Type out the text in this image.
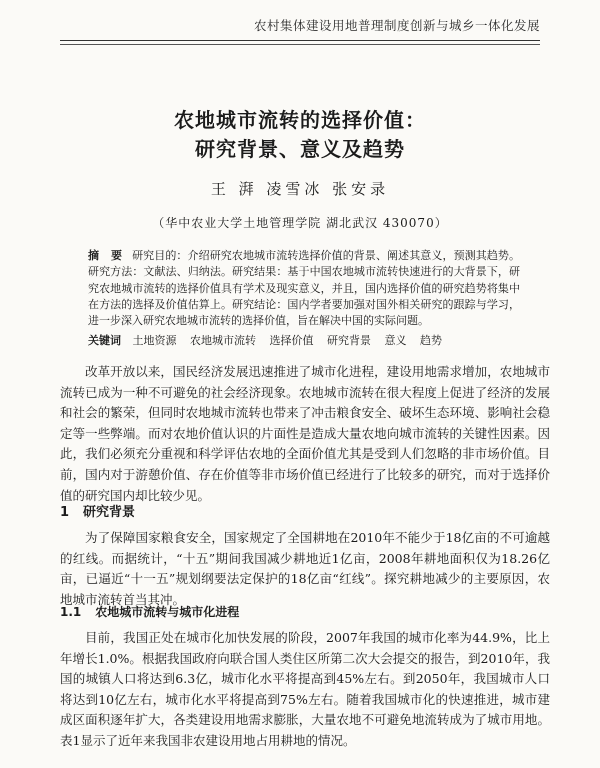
农村集体建设用地普理制度创新与城乡一体化发展
农地城市流转的选择价值：
研究背景、意义及趋势
王 湃 凌雪冰 张安录
（华中农业大学土地管理学院 湖北武汉 430070）
摘 要 研究目的：介绍研究农地城市流转选择价值的背景、阐述其意义，预测其趋势。研究方法：文献法、归纳法。研究结果：基于中国农地城市流转快速进行的大背景下，研究农地城市流转的选择价值具有学术及现实意义，并且，国内选择价值的研究趋势将集中在方法的选择及价值估算上。研究结论：国内学者要加强对国外相关研究的跟踪与学习，进一步深入研究农地城市流转的选择价值，旨在解决中国的实际问题。
关键词 土地资源 农地城市流转 选择价值 研究背景 意义 趋势
改革开放以来，国民经济发展迅速推进了城市化进程，建设用地需求增加，农地城市流转已成为一种不可避免的社会经济现象。农地城市流转在很大程度上促进了经济的发展和社会的繁荣，但同时农地城市流转也带来了冲击粮食安全、破坏生态环境、影响社会稳定等一些弊端。而对农地价值认识的片面性是造成大量农地向城市流转的关键性因素。因此，我们必须充分重视和科学评估农地的全面价值尤其是受到人们忽略的非市场价值。目前，国内对于游憩价值、存在价值等非市场价值已经进行了比较多的研究，而对于选择价值的研究国内却比较少见。
1 研究背景
为了保障国家粮食安全，国家规定了全国耕地在2010年不能少于18亿亩的不可逾越的红线。而据统计，“十五”期间我国减少耕地近1亿亩，2008年耕地面积仅为18.26亿亩，已逼近“十一五”规划纲要法定保护的18亿亩“红线”。探究耕地减少的主要原因，农地城市流转首当其冲。
1.1 农地城市流转与城市化进程
目前，我国正处在城市化加快发展的阶段，2007年我国的城市化率为44.9%，比上年增长1.0%。根据我国政府向联合国人类住区所第二次大会提交的报告，到2010年，我国的城镇人口将达到6.3亿，城市化水平将提高到45%左右。到2050年，我国城市人口将达到10亿左右，城市化水平将提高到75%左右。随着我国城市化的快速推进，城市建成区面积逐年扩大，各类建设用地需求膨胀，大量农地不可避免地流转成为了城市用地。表1显示了近年来我国非农建设用地占用耕地的情况。
